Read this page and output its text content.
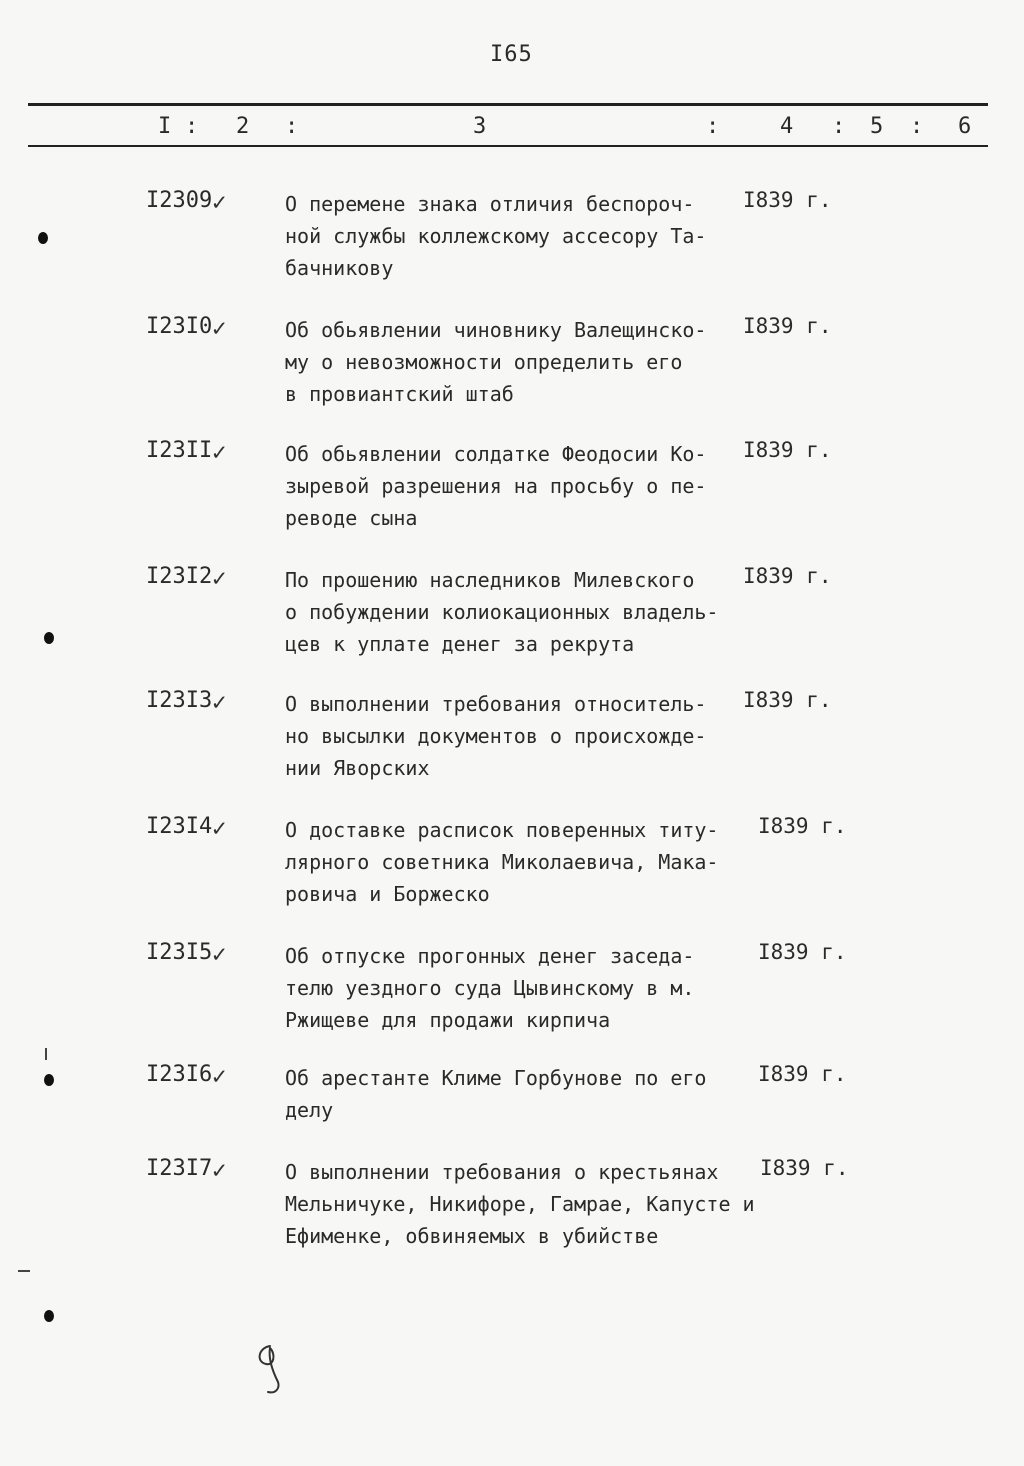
I65
I : 2 :	3	:	4 : 5 : 6
I2309 ✓	О перемене знака отличия беспороч-
ной службы коллежскому ассесору Та-
бачникову
I839 г.
I23I0 ✓	Об обьявлении чиновнику Валещинско-
му о невозможности определить его
в провиантский штаб
I839 г.
I23II ✓	Об обьявлении солдатке Феодосии Ко-
зыревой разрешения на просьбу о пе-
реводе сына
I839 г.
I23I2 ✓	По прошению наследников Милевского
о побуждении колиокационных владель-
цев к уплате денег за рекрута
I839 г.
I23I3 ✓	О выполнении требования относитель-
но высылки документов о происхожде-
нии Яворских
I839 г.
I23I4 ✓	О доставке расписок поверенных титу-
лярного советника Миколаевича, Мака-
ровича и Боржеско
I839 г.
I23I5 ✓	Об отпуске прогонных денег заседа-
телю уездного суда Цывинскому в м.
Ржищеве для продажи кирпича
I839 г.
I23I6 ✓	Об арестанте Климе Горбунове по его
делу
I839 г.
I23I7 ✓	О выполнении требования о крестьянах
Мельничуке, Никифоре, Гамрае, Капусте и
Ефименке, обвиняемых в убийстве
I839 г.
